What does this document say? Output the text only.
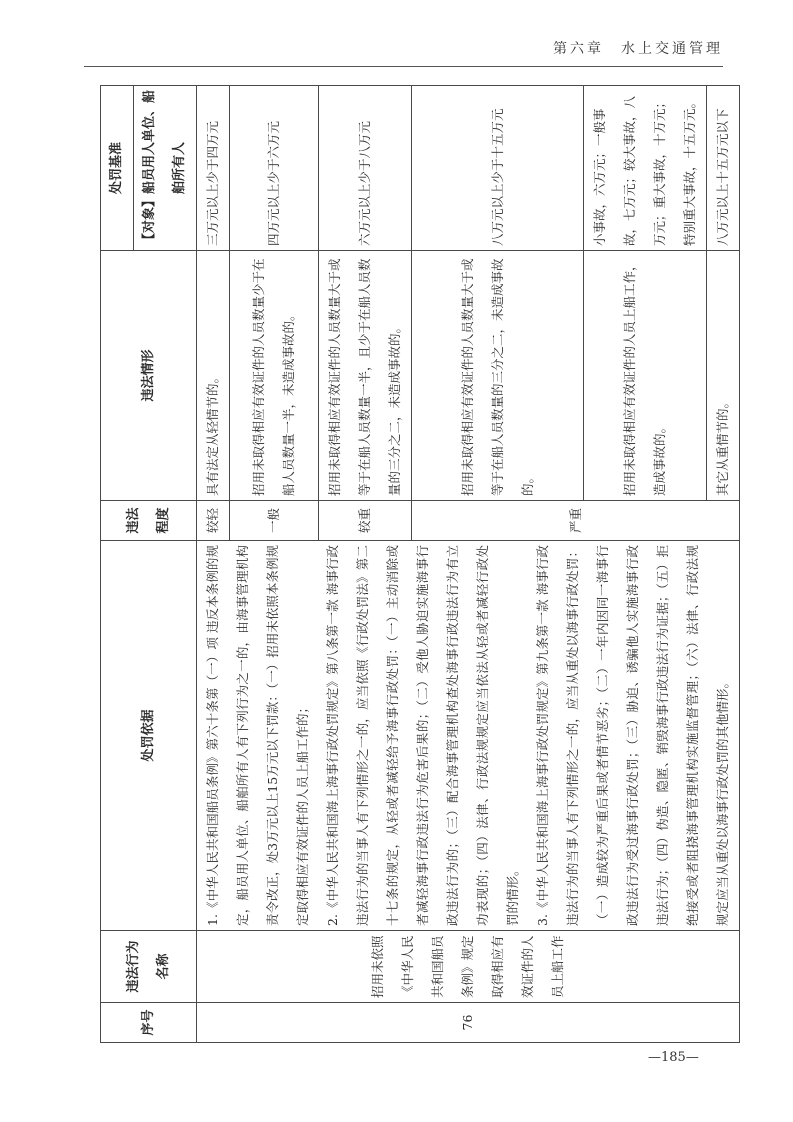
第六章　水上交通管理
序号	违法行为名称	处罚依据	违法程度	违法情形	处罚基准
					【对象】船员用人单位、船舶所有人
76	招用未依照《中华人民共和国船员条例》规定取得相应有效证件的人员上船工作	1.《中华人民共和国船员条例》第六十条第（一）项 违反本条例的规定，船员用人单位、船舶所有人有下列行为之一的，由海事管理机构责令改正，处3万元以上15万元以下罚款：（一）招用未依照本条例规定取得相应有效证件的人员上船工作的； 2.《中华人民共和国海上海事行政处罚规定》第八条第一款 海事行政违法行为的当事人有下列情形之一的，应当依照《行政处罚法》第二十七条的规定，从轻或者减轻给予海事行政处罚：（一）主动消除或者减轻海事行政违法行为危害后果的；（二）受他人胁迫实施海事行政违法行为的；（三）配合海事管理机构查处海事行政违法行为有立功表现的；（四）法律、行政法规规定应当依法从轻或者减轻行政处罚的情形。 3.《中华人民共和国海上海事行政处罚规定》第九条第一款 海事行政违法行为的当事人有下列情形之一的，应当从重处以海事行政处罚：（一）造成较为严重后果或者情节恶劣；（二）一年内因同一海事行政违法行为受过海事行政处罚；（三）胁迫、诱骗他人实施海事行政违法行为；（四）伪造、隐匿、销毁海事行政违法行为证据；（五）拒绝接受或者阻挠海事管理机构实施监督管理；（六）法律、行政法规规定应当从重处以海事行政处罚的其他情形。	较轻	具有法定从轻情节的。	三万元以上少于四万元
			一般	招用未取得相应有效证件的人员数量少于在船人员数量一半，未造成事故的。	四万元以上少于六万元
			较重	招用未取得相应有效证件的人员数量大于或等于在船人员数量一半，且少于在船人员数量的三分之二，未造成事故的。	六万元以上少于八万元
			严重	招用未取得相应有效证件的人员数量大于或等于在船人员数量的三分之二，未造成事故的。	八万元以上少于十五万元
				招用未取得相应有效证件的人员上船工作，造成事故的。	小事故，六万元；一般事故，七万元；较大事故，八万元；重大事故，十万元；特别重大事故，十五万元。
				其它从重情节的。	八万元以上十五万元以下
—185—
